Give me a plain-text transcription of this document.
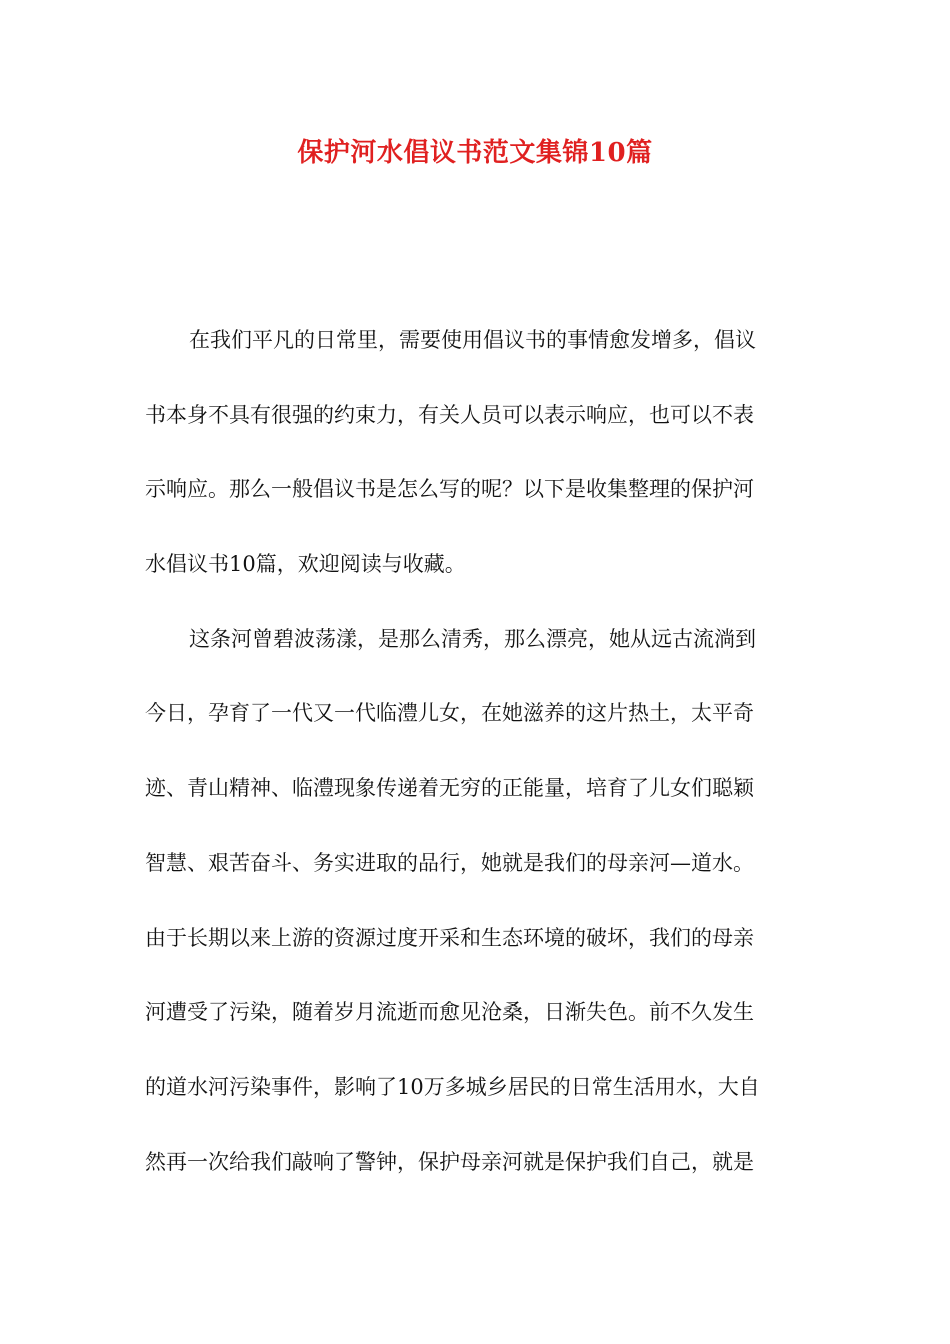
保护河水倡议书范文集锦10篇
在我们平凡的日常里，需要使用倡议书的事情愈发增多，倡议
书本身不具有很强的约束力，有关人员可以表示响应，也可以不表
示响应。那么一般倡议书是怎么写的呢？以下是收集整理的保护河
水倡议书10篇，欢迎阅读与收藏。
这条河曾碧波荡漾，是那么清秀，那么漂亮，她从远古流淌到
今日，孕育了一代又一代临澧儿女，在她滋养的这片热土，太平奇
迹、青山精神、临澧现象传递着无穷的正能量，培育了儿女们聪颖
智慧、艰苦奋斗、务实进取的品行，她就是我们的母亲河—道水。
由于长期以来上游的资源过度开采和生态环境的破坏，我们的母亲
河遭受了污染，随着岁月流逝而愈见沧桑，日渐失色。前不久发生
的道水河污染事件，影响了10万多城乡居民的日常生活用水，大自
然再一次给我们敲响了警钟，保护母亲河就是保护我们自己，就是
